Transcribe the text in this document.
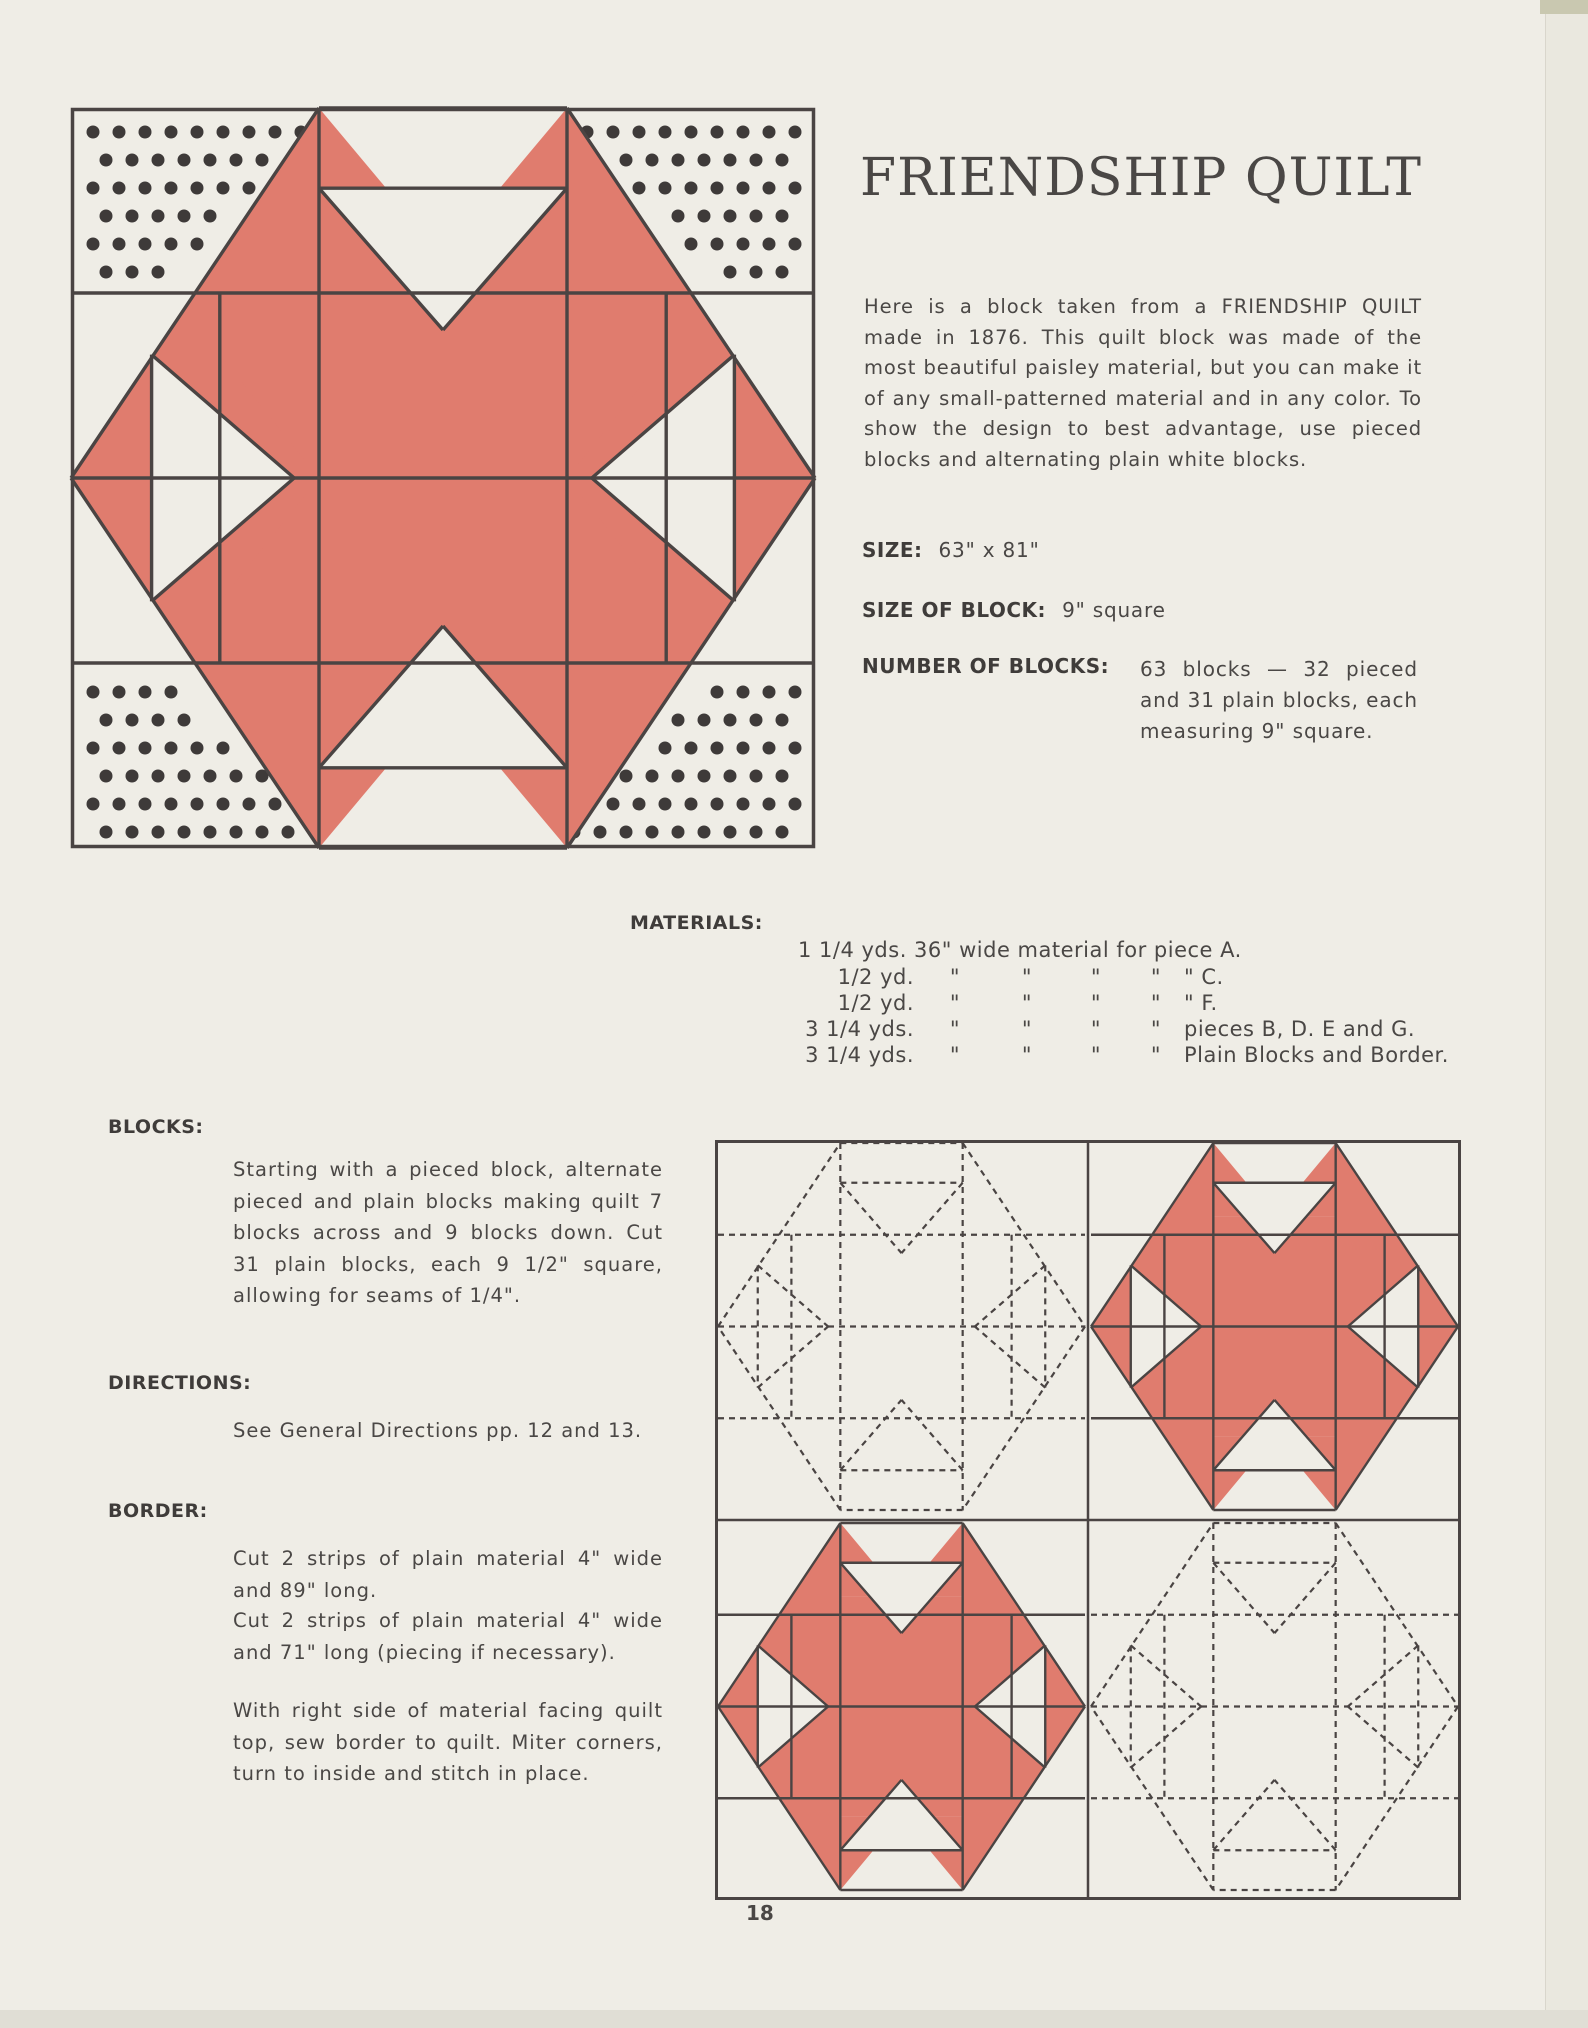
FRIENDSHIP QUILT

Here is a block taken from a FRIENDSHIP QUILT made in 1876. This quilt block was made of the most beautiful paisley material, but you can make it of any small-patterned material and in any color. To show the design to best advantage, use pieced blocks and alternating plain white blocks.

SIZE: 63" x 81"
SIZE OF BLOCK: 9" square
NUMBER OF BLOCKS: 63 blocks — 32 pieced and 31 plain blocks, each measuring 9" square.

MATERIALS:
1 1/4 yds. 36" wide material for piece A.
1/2 yd.	"	"	"	"	" C.
1/2 yd.	"	"	"	"	" F.
3 1/4 yds.	"	"	"	"	pieces B, D. E and G.
3 1/4 yds.	"	"	"	"	Plain Blocks and Border.
BLOCKS:

Starting with a pieced block, alternate pieced and plain blocks making quilt 7 blocks across and 9 blocks down. Cut 31 plain blocks, each 9 1/2" square, allowing for seams of 1/4".

DIRECTIONS:

See General Directions pp. 12 and 13.

BORDER:

Cut 2 strips of plain material 4" wide and 89" long.

Cut 2 strips of plain material 4" wide and 71" long (piecing if necessary).

With right side of material facing quilt top, sew border to quilt. Miter corners, turn to inside and stitch in place.

18
